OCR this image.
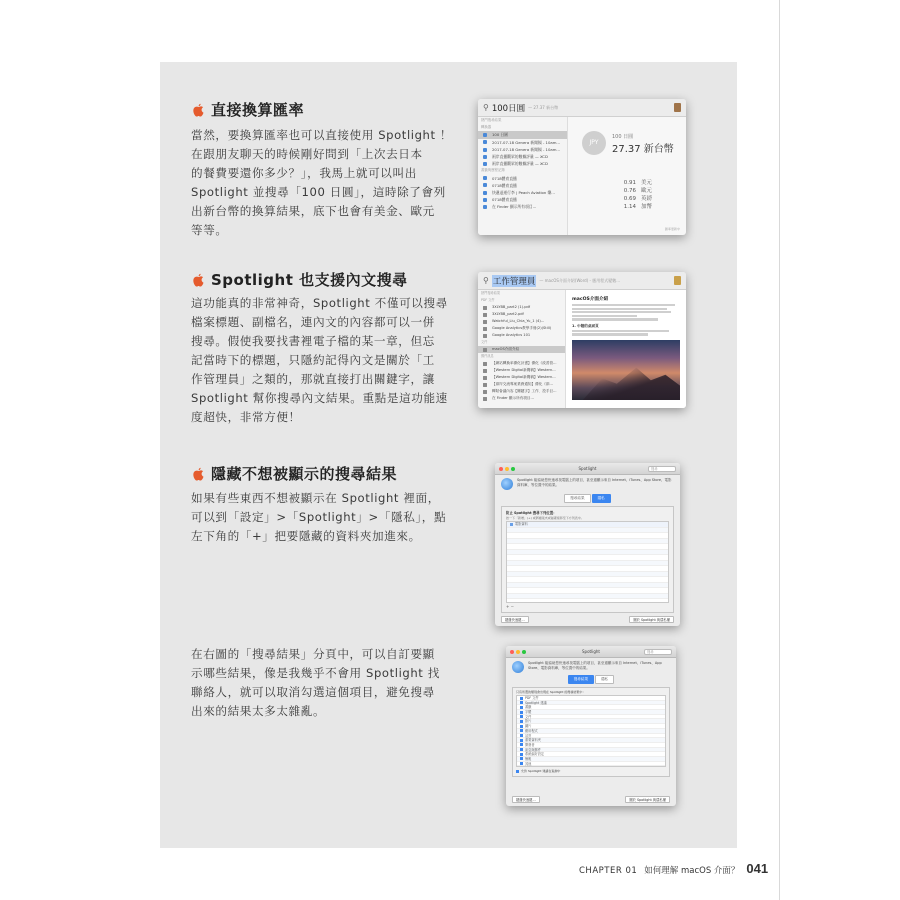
直接換算匯率

當然，要換算匯率也可以直接使用 Spotlight ！

在跟朋友聊天的時候剛好問到「上次去日本

的餐費要還你多少？」，我馬上就可以叫出

Spotlight 並搜尋「100 日圓」，這時除了會列

出新台幣的換算結果，底下也會有美金、歐元

等等。

Spotlight 也支援內文搜尋

這功能真的非常神奇，Spotlight 不僅可以搜尋

檔案標題、副檔名，連內文的內容都可以一併

搜尋。假使我要找書裡電子檔的某一章，但忘

記當時下的標題，只隱約記得內文是關於「工

作管理員」之類的，那就直接打出關鍵字，讓

Spotlight 幫你搜尋內文結果。重點是這功能速

度超快，非常方便！

隱藏不想被顯示的搜尋結果

如果有些東西不想被顯示在 Spotlight 裡面，

可以到「設定」>「Spotlight」>「隱私」，點

左下角的「+」把要隱藏的資料夾加進來。

在右圖的「搜尋結果」分頁中，可以自訂要顯

示哪些結果，像是我幾乎不會用 Spotlight 找

聯絡人，就可以取消勾選這個項目，避免搜尋

出來的結果太多太雜亂。

⚲ 100日圓 — 27.37 新台幣
熱門搜尋結果
轉換器
100 日圓
2017-07-18 Genera 新聞稿 - 10am...
2017-07-18 Genera 新聞稿 - 10am...
兩岸直播觀眾的數據評量 — XCD
兩岸直播觀眾的數據評量 — XCD
書籤與歷程記錄
0718體育直播
0718體育直播
快遞退運行李 | Peach Aviation 樂...
0718體育直播
在 Finder 顯示所有項目...
JPY
100 日圓
27.37 新台幣
0.91 美元
0.76 歐元
0.69 英鎊
1.14 加幣
匯率更新中
⚲ 工作管理員 — macOS介面介紹(Word) - 應用程式變數...
熱門搜尋結果
PDF 文件
3XLYBB_part2 (1).pdf
3XLYBB_part2.pdf
Watchful_Liu_Chia_Yu_1 (4)...
Google Analytics教學手冊(2)(Still)
Google Analytics 101
文件
macOS介面介紹
郵件訊息
【網站轉換率優化計畫】優化《改善管...
【Western Digital新聞稿】Western...
【Western Digital新聞稿】Western...
【兩岸交流專案業務通知】優化《兩...
轉貼會議內容【關鍵字】工作．投手巨...
在 Finder 顯示所有項目...
macOS介面介紹
1. 中階的桌面頁
Spotlight	搜尋
Spotlight 能協助您快速尋找電腦上的項目，甚至還顯示來自 Internet、iTunes、App Store、電影資料庫，等位置中的結果。
搜尋結果	隱私
防止 Spotlight 搜尋下列位置：
按一下「新增」(+) 或將檔案夾或磁碟拖移至下方列表中。
電影資料
+ −
鍵盤快速鍵...	關於 Spotlight 與隱私權
Spotlight	搜尋
Spotlight 能協助您快速尋找電腦上的項目，甚至還顯示來自 Internet、iTunes、App Store、電影資料庫，等位置中的結果。
搜尋結果	隱私
只有所選的類別會出現在 Spotlight 的搜尋結果中：
PDF 文件
Spotlight 建議
書籤
字體
文件
影片
圖片
應用程式
活頁
重要資料夾
開發者
訊息與郵件
系統偏好設定
簡報
其他
允許 Spotlight 建議在查詢中
鍵盤快速鍵...	關於 Spotlight 與隱私權
CHAPTER 01 如何理解 macOS 介面？ 041
